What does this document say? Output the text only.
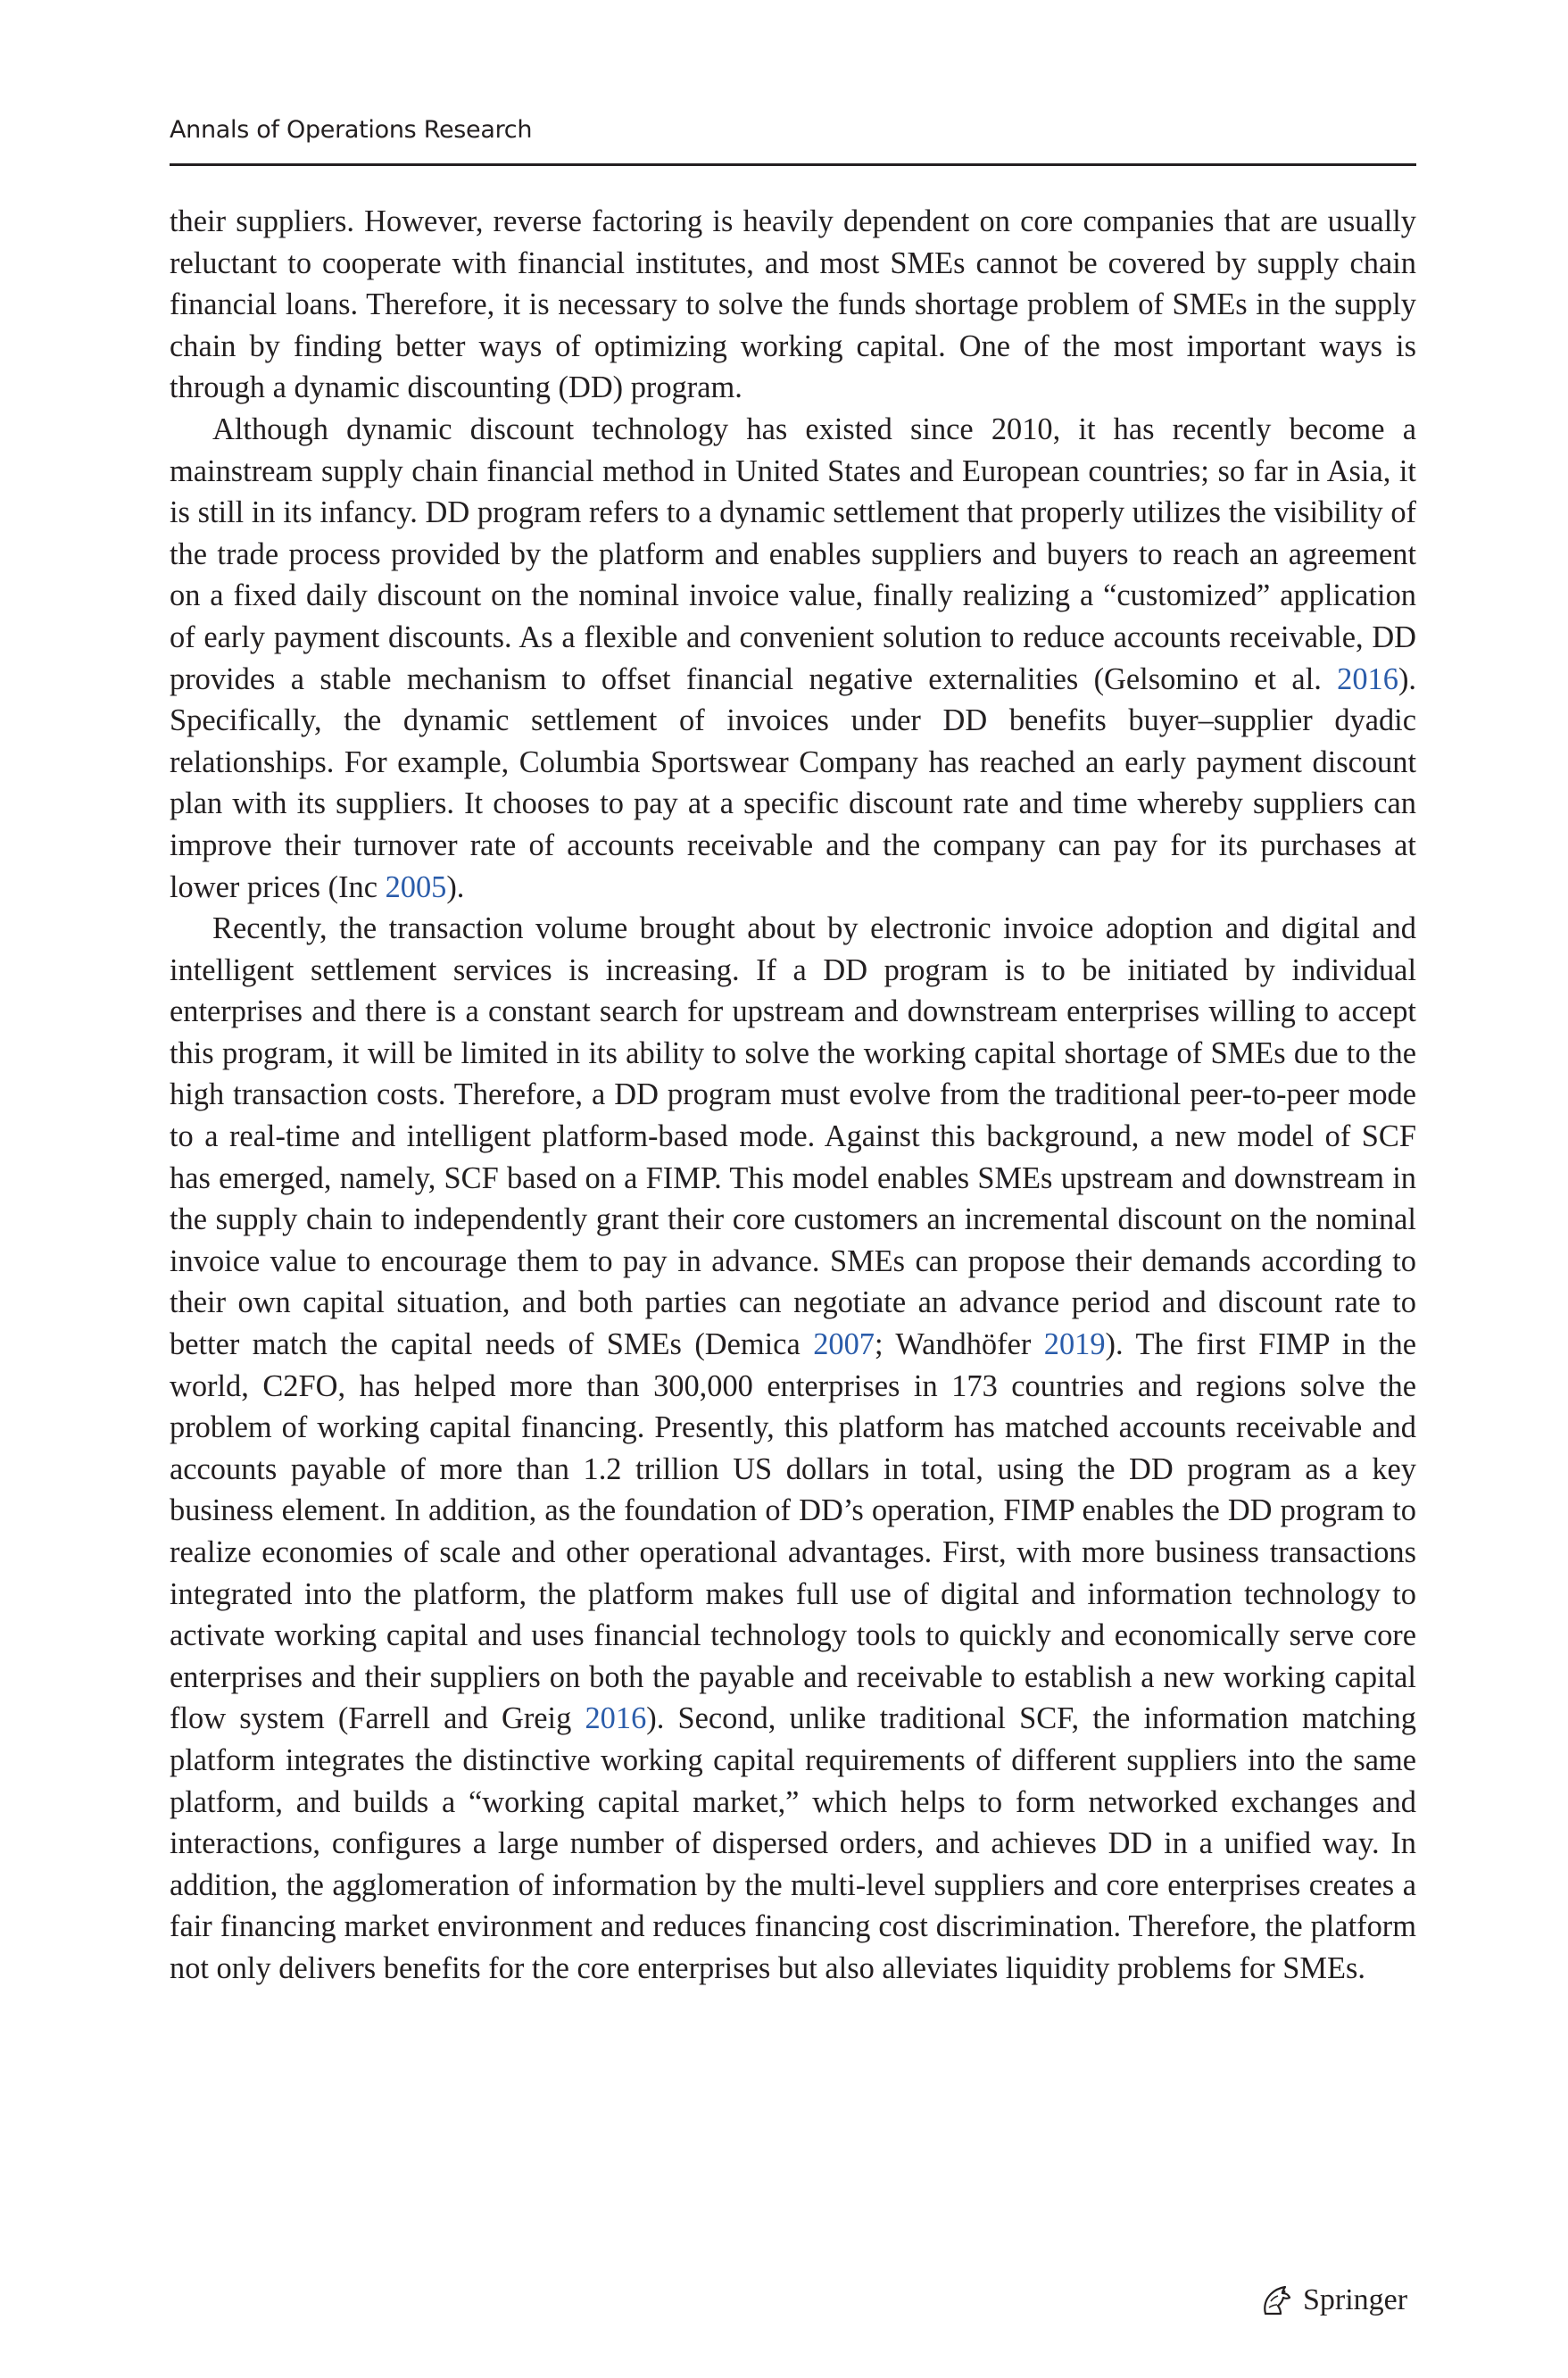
Annals of Operations Research

their suppliers. However, reverse factoring is heavily dependent on core companies that are usually reluctant to cooperate with financial institutes, and most SMEs cannot be covered by supply chain financial loans. Therefore, it is necessary to solve the funds shortage problem of SMEs in the supply chain by finding better ways of optimizing working capital. One of the most important ways is through a dynamic discounting (DD) program.

Although dynamic discount technology has existed since 2010, it has recently become a mainstream supply chain financial method in United States and European countries; so far in Asia, it is still in its infancy. DD program refers to a dynamic settlement that properly utilizes the visibility of the trade process provided by the platform and enables suppliers and buyers to reach an agreement on a fixed daily discount on the nominal invoice value, finally realizing a “customized” application of early payment discounts. As a flexible and convenient solution to reduce accounts receivable, DD provides a stable mechanism to offset financial negative externalities (Gelsomino et al. 2016). Specifically, the dynamic settlement of invoices under DD benefits buyer–supplier dyadic relationships. For example, Columbia Sportswear Company has reached an early payment discount plan with its suppliers. It chooses to pay at a specific discount rate and time whereby suppliers can improve their turnover rate of accounts receivable and the company can pay for its purchases at lower prices (Inc 2005).

Recently, the transaction volume brought about by electronic invoice adoption and digital and intelligent settlement services is increasing. If a DD program is to be initiated by individual enterprises and there is a constant search for upstream and downstream enterprises willing to accept this program, it will be limited in its ability to solve the working capital shortage of SMEs due to the high transaction costs. Therefore, a DD program must evolve from the traditional peer-to-peer mode to a real-time and intelligent platform-based mode. Against this background, a new model of SCF has emerged, namely, SCF based on a FIMP. This model enables SMEs upstream and downstream in the supply chain to independently grant their core customers an incremental discount on the nominal invoice value to encourage them to pay in advance. SMEs can propose their demands according to their own capital situation, and both parties can negotiate an advance period and discount rate to better match the capital needs of SMEs (Demica 2007; Wandhöfer 2019). The first FIMP in the world, C2FO, has helped more than 300,000 enterprises in 173 countries and regions solve the problem of working capital financing. Presently, this platform has matched accounts receivable and accounts payable of more than 1.2 trillion US dollars in total, using the DD program as a key business element. In addition, as the foundation of DD’s operation, FIMP enables the DD program to realize economies of scale and other operational advantages. First, with more business transactions integrated into the platform, the platform makes full use of digital and information technology to activate working capital and uses financial technology tools to quickly and economically serve core enterprises and their suppliers on both the payable and receivable to establish a new working capital flow system (Farrell and Greig 2016). Second, unlike traditional SCF, the information matching platform integrates the distinctive working capital requirements of different suppliers into the same platform, and builds a “working capital market,” which helps to form networked exchanges and interactions, configures a large number of dispersed orders, and achieves DD in a unified way. In addition, the agglomeration of information by the multi-level suppliers and core enterprises creates a fair financing market environment and reduces financing cost discrimination. Therefore, the platform not only delivers benefits for the core enterprises but also alleviates liquidity problems for SMEs.

Springer
